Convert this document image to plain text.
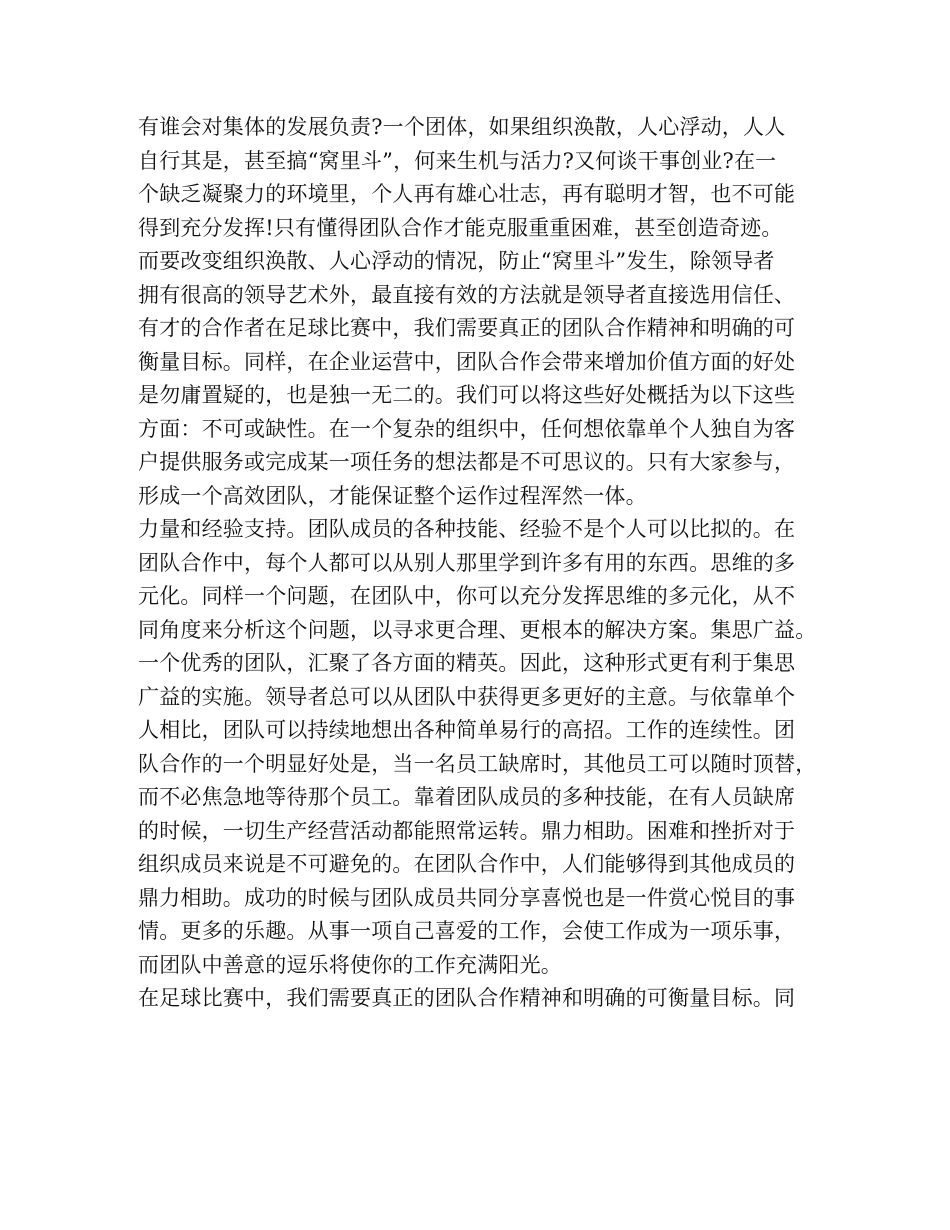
有谁会对集体的发展负责?一个团体，如果组织涣散，人心浮动，人人
自行其是，甚至搞“窝里斗”，何来生机与活力?又何谈干事创业?在一
个缺乏凝聚力的环境里，个人再有雄心壮志，再有聪明才智，也不可能
得到充分发挥!只有懂得团队合作才能克服重重困难，甚至创造奇迹。
而要改变组织涣散、人心浮动的情况，防止“窝里斗”发生，除领导者
拥有很高的领导艺术外，最直接有效的方法就是领导者直接选用信任、
有才的合作者在足球比赛中，我们需要真正的团队合作精神和明确的可
衡量目标。同样，在企业运营中，团队合作会带来增加价值方面的好处
是勿庸置疑的，也是独一无二的。我们可以将这些好处概括为以下这些
方面：不可或缺性。在一个复杂的组织中，任何想依靠单个人独自为客
户提供服务或完成某一项任务的想法都是不可思议的。只有大家参与，
形成一个高效团队，才能保证整个运作过程浑然一体。
力量和经验支持。团队成员的各种技能、经验不是个人可以比拟的。在
团队合作中，每个人都可以从别人那里学到许多有用的东西。思维的多
元化。同样一个问题，在团队中，你可以充分发挥思维的多元化，从不
同角度来分析这个问题，以寻求更合理、更根本的解决方案。集思广益。
一个优秀的团队，汇聚了各方面的精英。因此，这种形式更有利于集思
广益的实施。领导者总可以从团队中获得更多更好的主意。与依靠单个
人相比，团队可以持续地想出各种简单易行的高招。工作的连续性。团
队合作的一个明显好处是，当一名员工缺席时，其他员工可以随时顶替，
而不必焦急地等待那个员工。靠着团队成员的多种技能，在有人员缺席
的时候，一切生产经营活动都能照常运转。鼎力相助。困难和挫折对于
组织成员来说是不可避免的。在团队合作中，人们能够得到其他成员的
鼎力相助。成功的时候与团队成员共同分享喜悦也是一件赏心悦目的事
情。更多的乐趣。从事一项自己喜爱的工作，会使工作成为一项乐事，
而团队中善意的逗乐将使你的工作充满阳光。
在足球比赛中，我们需要真正的团队合作精神和明确的可衡量目标。同
